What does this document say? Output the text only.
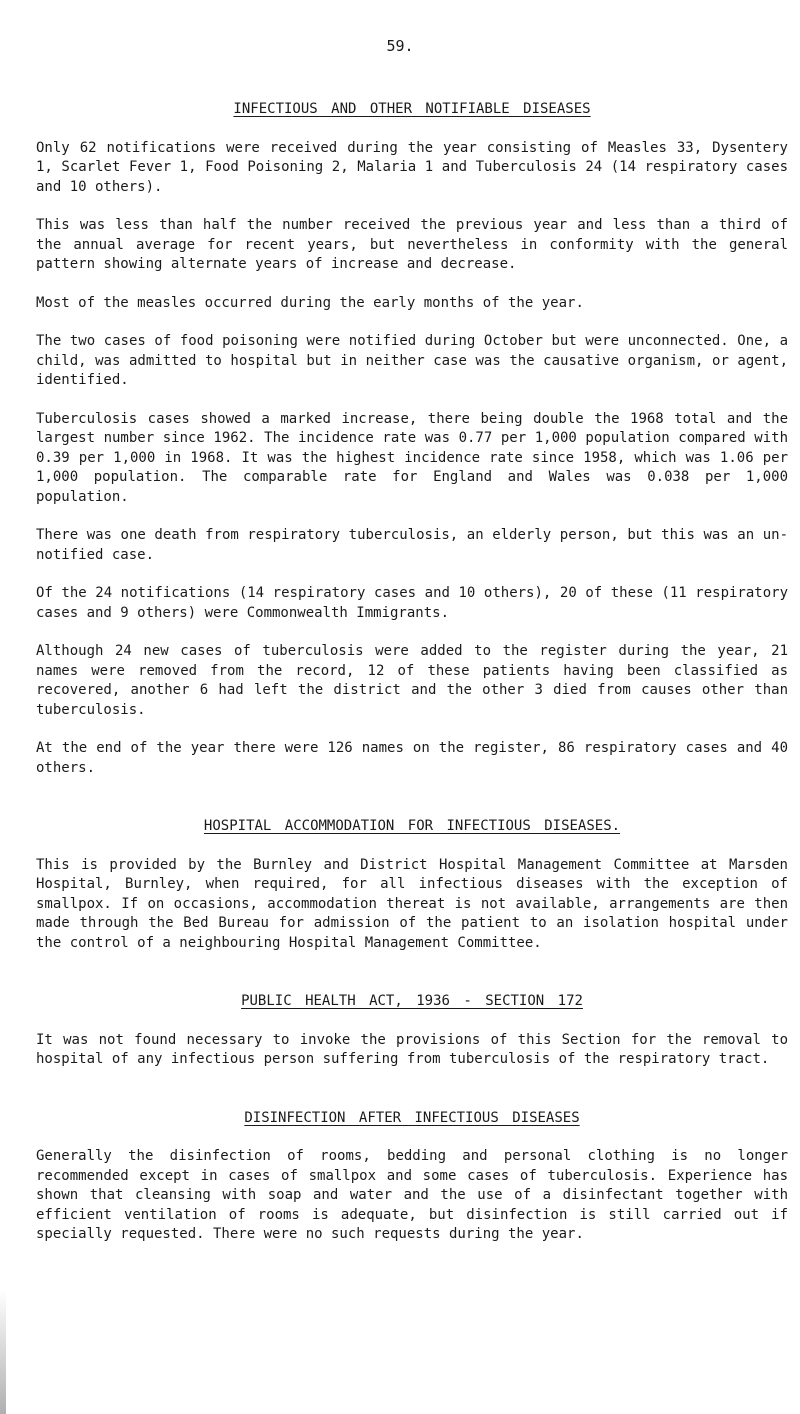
59.
INFECTIOUS AND OTHER NOTIFIABLE DISEASES

Only 62 notifications were received during the year consisting of Measles 33, Dysentery 1, Scarlet Fever 1, Food Poisoning 2, Malaria 1 and Tuberculosis 24 (14 respiratory cases and 10 others).

This was less than half the number received the previous year and less than a third of the annual average for recent years, but nevertheless in conformity with the general pattern showing alternate years of increase and decrease.

Most of the measles occurred during the early months of the year.

The two cases of food poisoning were notified during October but were unconnected. One, a child, was admitted to hospital but in neither case was the causative organism, or agent, identified.

Tuberculosis cases showed a marked increase, there being double the 1968 total and the largest number since 1962. The incidence rate was 0.77 per 1,000 population compared with 0.39 per 1,000 in 1968. It was the highest incidence rate since 1958, which was 1.06 per 1,000 population. The comparable rate for England and Wales was 0.038 per 1,000 population.

There was one death from respiratory tuberculosis, an elderly person, but this was an un-notified case.

Of the 24 notifications (14 respiratory cases and 10 others), 20 of these (11 respiratory cases and 9 others) were Commonwealth Immigrants.

Although 24 new cases of tuberculosis were added to the register during the year, 21 names were removed from the record, 12 of these patients having been classified as recovered, another 6 had left the district and the other 3 died from causes other than tuberculosis.

At the end of the year there were 126 names on the register, 86 respiratory cases and 40 others.

HOSPITAL ACCOMMODATION FOR INFECTIOUS DISEASES.

This is provided by the Burnley and District Hospital Management Committee at Marsden Hospital, Burnley, when required, for all infectious diseases with the exception of smallpox. If on occasions, accommodation thereat is not available, arrangements are then made through the Bed Bureau for admission of the patient to an isolation hospital under the control of a neighbouring Hospital Management Committee.

PUBLIC HEALTH ACT, 1936 - SECTION 172

It was not found necessary to invoke the provisions of this Section for the removal to hospital of any infectious person suffering from tuberculosis of the respiratory tract.

DISINFECTION AFTER INFECTIOUS DISEASES

Generally the disinfection of rooms, bedding and personal clothing is no longer recommended except in cases of smallpox and some cases of tuberculosis. Experience has shown that cleansing with soap and water and the use of a disinfectant together with efficient ventilation of rooms is adequate, but disinfection is still carried out if specially requested. There were no such requests during the year.
